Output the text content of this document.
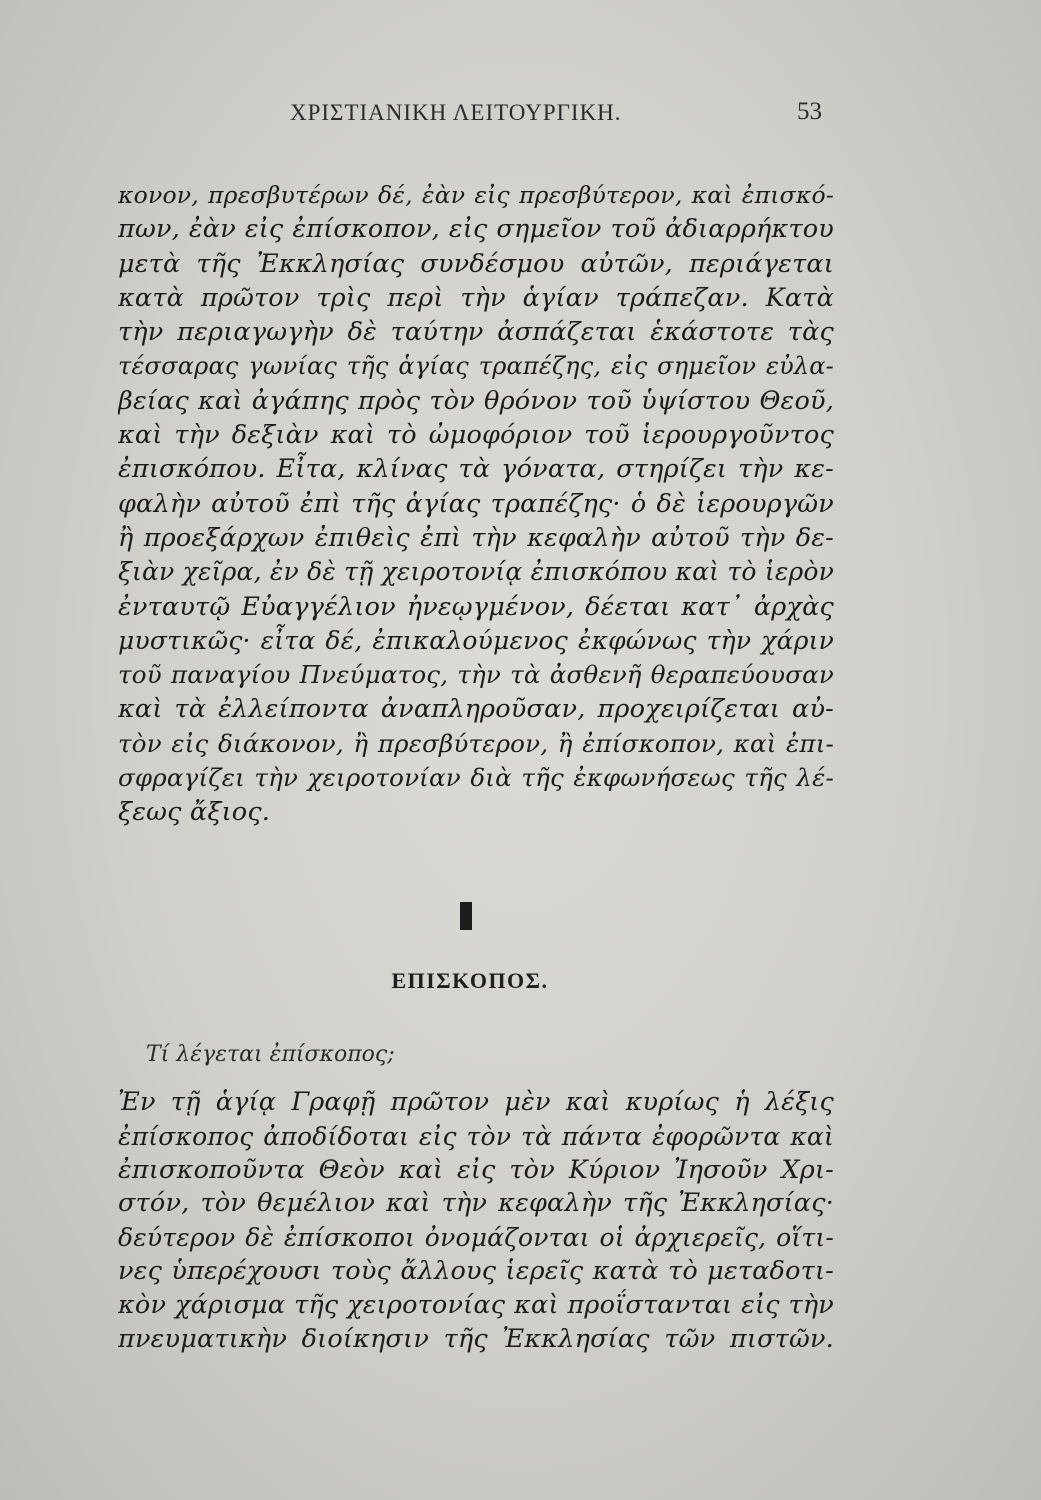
ΧΡΙΣΤΙΑΝΙΚΗ ΛΕΙΤΟΥΡΓΙΚΗ.	53
κονον, πρεσβυτέρων δέ, ἐὰν εἰς πρεσβύτερον, καὶ ἐπισκό-
πων, ἐὰν εἰς ἐπίσκοπον, εἰς σημεῖον τοῦ ἀδιαρρήκτου
μετὰ τῆς Ἐκκλησίας συνδέσμου αὐτῶν, περιάγεται
κατὰ πρῶτον τρὶς περὶ τὴν ἁγίαν τράπεζαν. Κατὰ
τὴν περιαγωγὴν δὲ ταύτην ἀσπάζεται ἑκάστοτε τὰς
τέσσαρας γωνίας τῆς ἁγίας τραπέζης, εἰς σημεῖον εὐλα-
βείας καὶ ἀγάπης πρὸς τὸν θρόνον τοῦ ὑψίστου Θεοῦ,
καὶ τὴν δεξιὰν καὶ τὸ ὠμοφόριον τοῦ ἱερουργοῦντος
ἐπισκόπου. Εἶτα, κλίνας τὰ γόνατα, στηρίζει τὴν κε-
φαλὴν αὐτοῦ ἐπὶ τῆς ἁγίας τραπέζης· ὁ δὲ ἱερουργῶν
ἢ προεξάρχων ἐπιθεὶς ἐπὶ τὴν κεφαλὴν αὐτοῦ τὴν δε-
ξιὰν χεῖρα, ἐν δὲ τῇ χειροτονίᾳ ἐπισκόπου καὶ τὸ ἱερὸν
ἐνταυτῷ Εὐαγγέλιον ἠνεῳγμένον, δέεται κατ᾽ ἀρχὰς
μυστικῶς· εἶτα δέ, ἐπικαλούμενος ἐκφώνως τὴν χάριν
τοῦ παναγίου Πνεύματος, τὴν τὰ ἀσθενῆ θεραπεύουσαν
καὶ τὰ ἐλλείποντα ἀναπληροῦσαν, προχειρίζεται αὐ-
τὸν εἰς διάκονον, ἢ πρεσβύτερον, ἢ ἐπίσκοπον, καὶ ἐπι-
σφραγίζει τὴν χειροτονίαν διὰ τῆς ἐκφωνήσεως τῆς λέ-
ξεως ἄξιος.
ΕΠΙΣΚΟΠΟΣ.
Τί λέγεται ἐπίσκοπος;
Ἐν τῇ ἁγίᾳ Γραφῇ πρῶτον μὲν καὶ κυρίως ἡ λέξις
ἐπίσκοπος ἀποδίδοται εἰς τὸν τὰ πάντα ἐφορῶντα καὶ
ἐπισκοποῦντα Θεὸν καὶ εἰς τὸν Κύριον Ἰησοῦν Χρι-
στόν, τὸν θεμέλιον καὶ τὴν κεφαλὴν τῆς Ἐκκλησίας·
δεύτερον δὲ ἐπίσκοποι ὀνομάζονται οἱ ἀρχιερεῖς, οἵτι-
νες ὑπερέχουσι τοὺς ἄλλους ἱερεῖς κατὰ τὸ μεταδοτι-
κὸν χάρισμα τῆς χειροτονίας καὶ προΐστανται εἰς τὴν
πνευματικὴν διοίκησιν τῆς Ἐκκλησίας τῶν πιστῶν.
